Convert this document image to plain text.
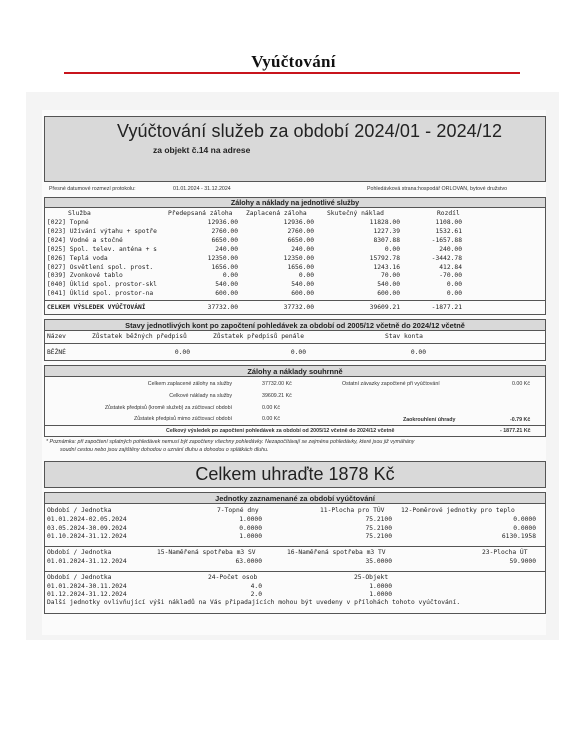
Vyúčtování
Vyúčtování služeb za období 2024/01 - 2024/12
za objekt č.14 na adrese
Přesné datumové rozmezí protokolu:	01.01.2024 - 31.12.2024	Pohledávková strana: hospodář ORLOVAN, bytové družstvo
Zálohy a náklady na jednotlivé služby
Služba	Předepsaná záloha Zaplacená záloha	Skutečný náklad	Rozdíl
[022] Topné	12936.00	12936.00	11828.00	1108.00
[023] Užívání výtahu + spotře	2760.00	2760.00	1227.39	1532.61
[024] Vodné a stočné	6650.00	6650.00	8307.88	-1657.88
[025] Spol. telev. anténa + s	240.00	240.00	0.00	240.00
[026] Teplá voda	12350.00	12350.00	15792.78	-3442.78
[027] Osvětlení spol. prost.	1656.00	1656.00	1243.16	412.84
[039] Zvonkové tablo	0.00	0.00	70.00	-70.00
[040] Úklid spol. prostor-skl	540.00	540.00	540.00	0.00
[041] Úklid spol. prostor-na	600.00	600.00	600.00	0.00
CELKEM VÝSLEDEK VYÚČTOVÁNÍ	37732.00	37732.00	39609.21	-1877.21
Stavy jednotlivých kont po započtení pohledávek za období od 2005/12 včetně do 2024/12 včetně
Název	Zůstatek běžných předpisů	Zůstatek předpisů penále	Stav konta
BĚŽNÉ	0.00	0.00	0.00
Zálohy a náklady souhrnně
Celkem zaplacené zálohy na služby	37732.00 Kč
Celkové náklady na služby	39609.21 Kč
Zůstatek předpisů (kromě služeb) za zúčtovací období	0.00 Kč
Zůstatek předpisů mimo zúčtovací období	0.00 Kč
Ostatní závazky započtené při vyúčtování	0.00 Kč
Zaokrouhlení úhrady	-0.79 Kč
Celkový výsledek po započtení pohledávek za období od 2005/12 včetně do 2024/12 včetně	- 1877.21 Kč
* Poznámka: při započtení splatných pohledávek nemusí být započteny všechny pohledávky. Nezapočítávají se zejména pohledávky, které jsou již vymáhány
soudní cestou nebo jsou zajištěny dohodou o uznání dluhu a dohodou o splátkách dluhu.
Celkem uhraďte 1878 Kč
Jednotky zaznamenané za období vyúčtování
Období / Jednotka	7-Topné dny	11-Plocha pro TÚV	12-Poměrové jednotky pro teplo
01.01.2024-02.05.2024	1.0000	75.2100	0.0000
03.05.2024-30.09.2024	0.0000	75.2100	0.0000
01.10.2024-31.12.2024	1.0000	75.2100	6130.1958
Období / Jednotka	15-Naměřená spotřeba m3 SV	16-Naměřená spotřeba m3 TV	23-Plocha ÚT
01.01.2024-31.12.2024	63.0000	35.0000	59.9000
Období / Jednotka	24-Počet osob	25-Objekt
01.01.2024-30.11.2024	4.0	1.0000
01.12.2024-31.12.2024	2.0	1.0000
Další jednotky ovlivňující výši nákladů na Vás připadajících mohou být uvedeny v přílohách tohoto vyúčtování.
